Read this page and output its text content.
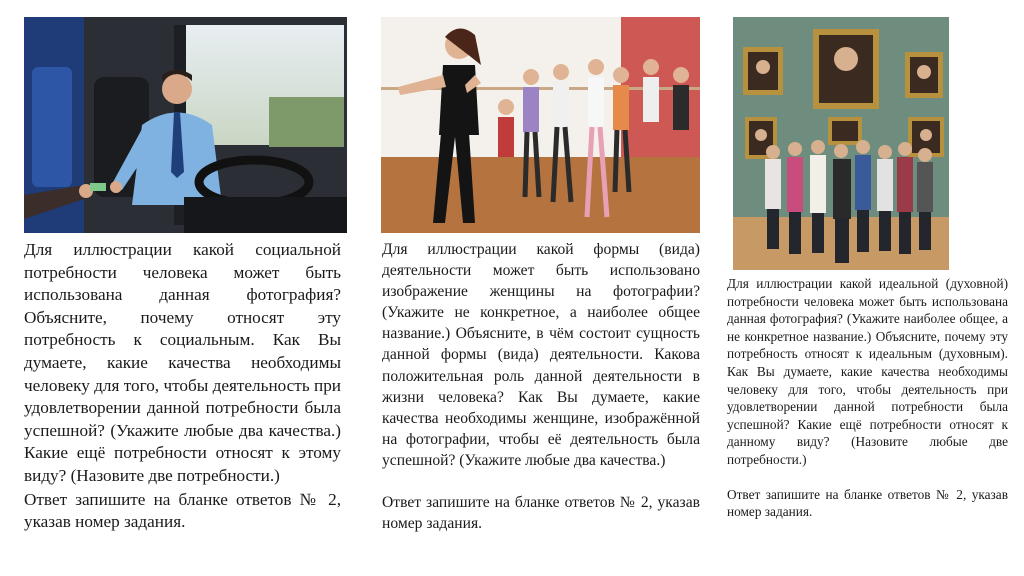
Для иллюстрации какой социальной потребности человека может быть использована данная фотография? Объясните, почему относят эту потребность к социальным. Как Вы думаете, какие качества необходимы человеку для того, чтобы деятельность при удовлетворении данной потребности была успешной? (Укажите любые два качества.) Какие ещё потребности относят к этому виду? (Назовите две потребности.)

Ответ запишите на бланке ответов № 2, указав номер задания.

Для иллюстрации какой формы (вида) деятельности может быть использовано изображение женщины на фотографии? (Укажите не конкретное, а наиболее общее название.) Объясните, в чём состоит сущность данной формы (вида) деятельности. Какова положительная роль данной деятельности в жизни человека? Как Вы думаете, какие качества необходимы женщине, изображённой на фотографии, чтобы её деятельность была успешной? (Укажите любые два качества.)

Ответ запишите на бланке ответов № 2, указав номер задания.

Для иллюстрации какой идеальной (духовной) потребности человека может быть использована данная фотография? (Укажите наиболее общее, а не конкретное название.) Объясните, почему эту потребность относят к идеальным (духовным). Как Вы думаете, какие качества необходимы человеку для того, чтобы деятельность при удовлетворении данной потребности была успешной? Какие ещё потребности относят к данному виду? (Назовите любые две потребности.)

Ответ запишите на бланке ответов № 2, указав номер задания.
